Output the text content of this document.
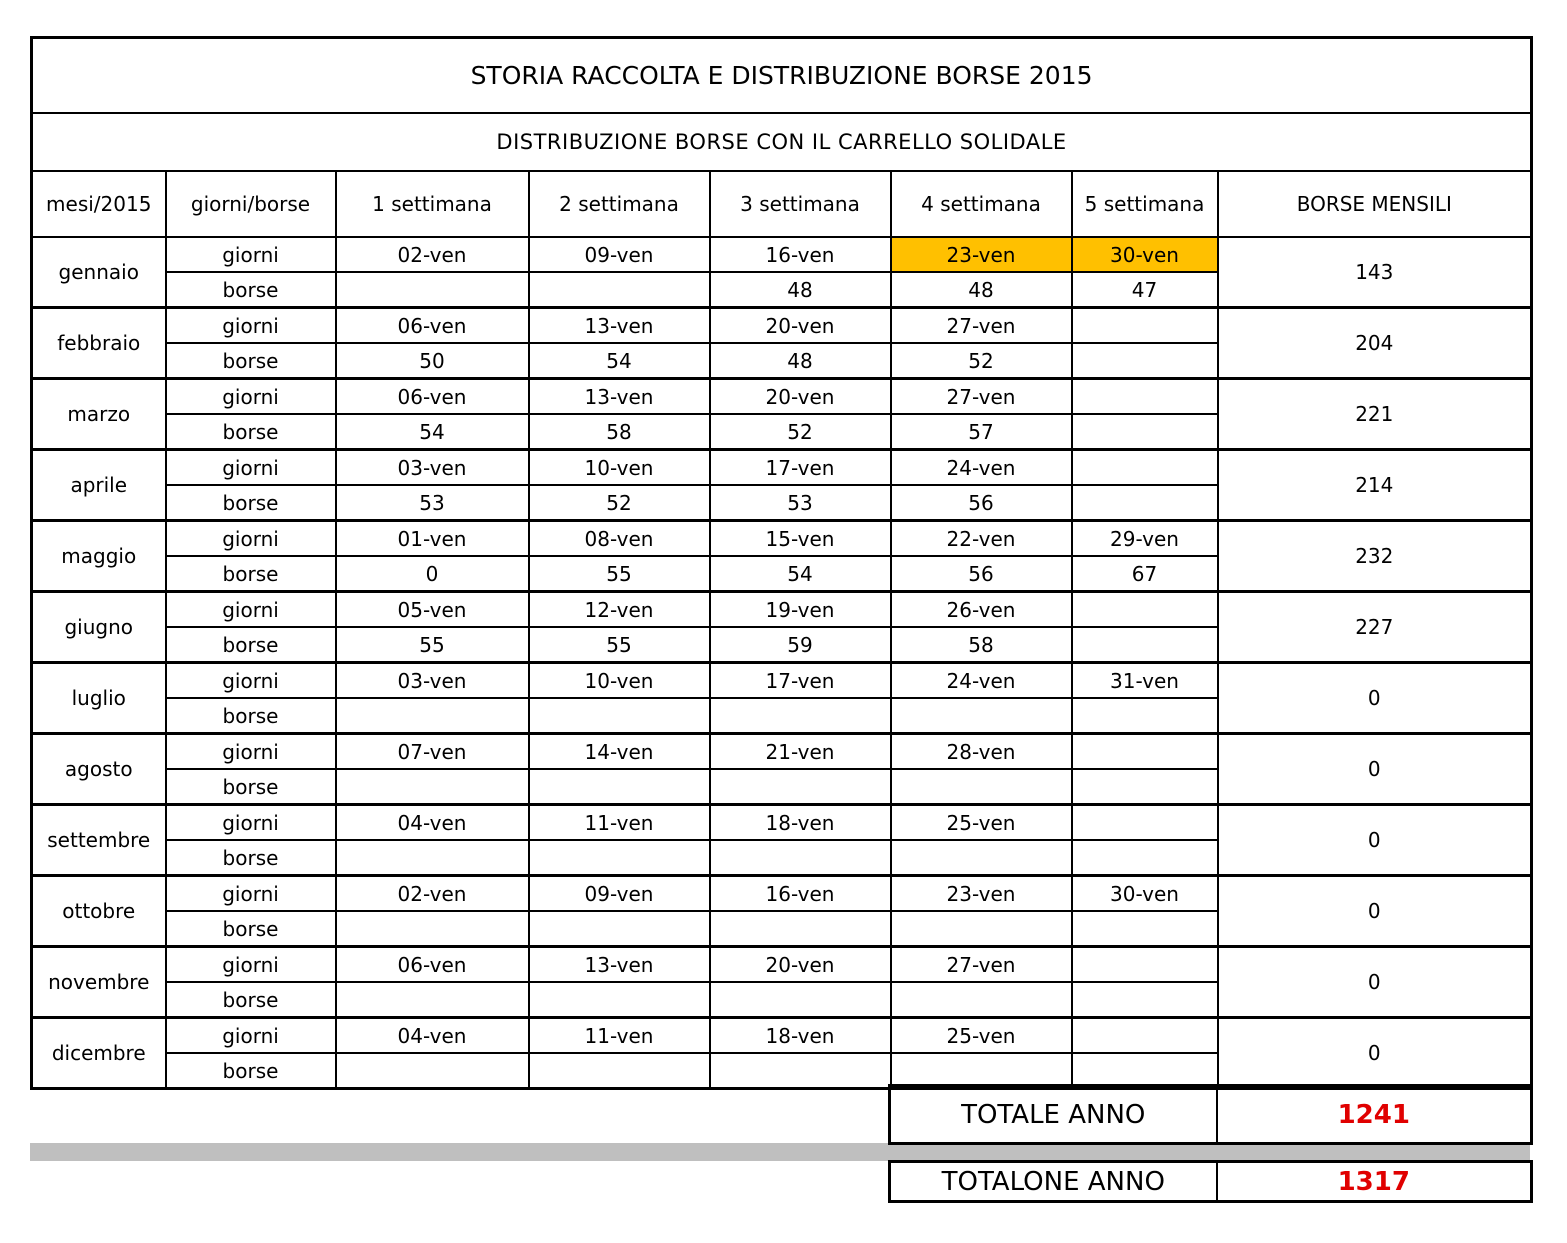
STORIA RACCOLTA E DISTRIBUZIONE BORSE 2015							
DISTRIBUZIONE BORSE CON IL CARRELLO SOLIDALE							
mesi/2015	giorni/borse	1 settimana	2 settimana	3 settimana	4 settimana	5 settimana	BORSE MENSILI
gennaio	giorni	02-ven	09-ven	16-ven	23-ven	30-ven	143
	borse			48	48	47	
febbraio	giorni	06-ven	13-ven	20-ven	27-ven		204
	borse	50	54	48	52		
marzo	giorni	06-ven	13-ven	20-ven	27-ven		221
	borse	54	58	52	57		
aprile	giorni	03-ven	10-ven	17-ven	24-ven		214
	borse	53	52	53	56		
maggio	giorni	01-ven	08-ven	15-ven	22-ven	29-ven	232
	borse	0	55	54	56	67	
giugno	giorni	05-ven	12-ven	19-ven	26-ven		227
	borse	55	55	59	58		
luglio	giorni	03-ven	10-ven	17-ven	24-ven	31-ven	0
	borse						
agosto	giorni	07-ven	14-ven	21-ven	28-ven		0
	borse						
settembre	giorni	04-ven	11-ven	18-ven	25-ven		0
	borse						
ottobre	giorni	02-ven	09-ven	16-ven	23-ven	30-ven	0
	borse						
novembre	giorni	06-ven	13-ven	20-ven	27-ven		0
	borse						
dicembre	giorni	04-ven	11-ven	18-ven	25-ven		0
	borse						
TOTALE ANNO	1241
TOTALONE ANNO	1317
